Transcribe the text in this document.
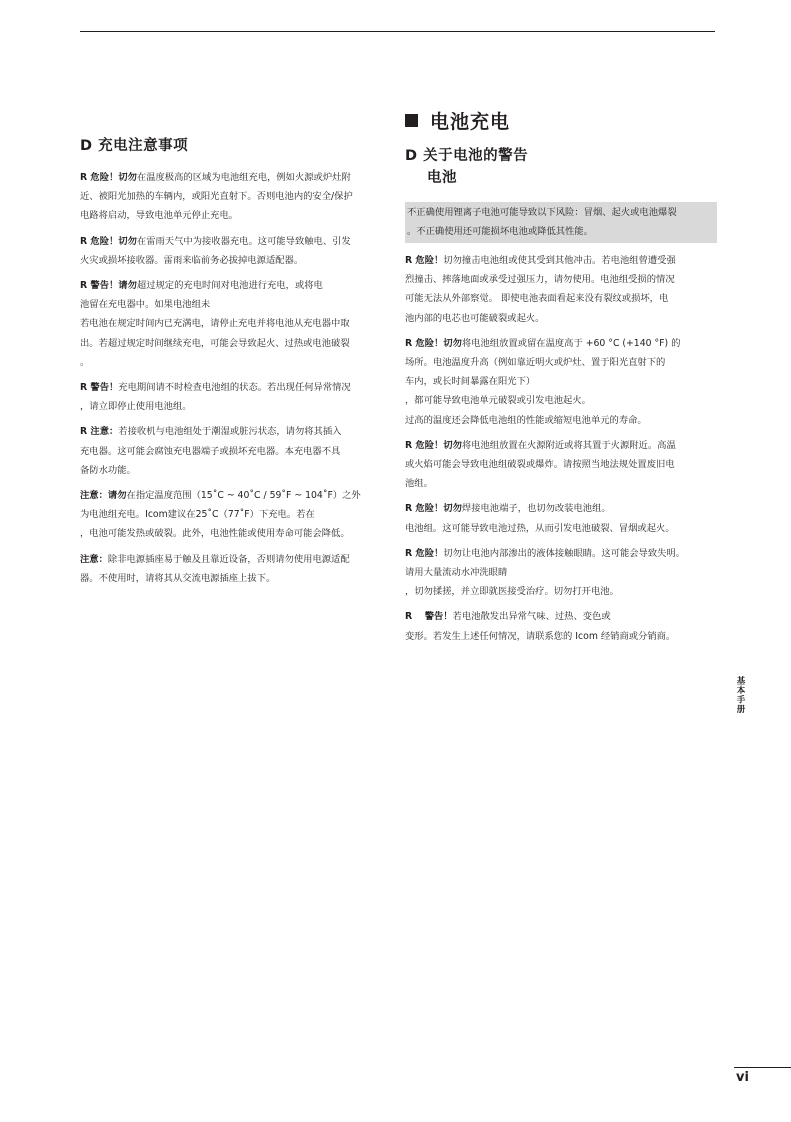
D 充电注意事项
R 危险！切勿在温度极高的区域为电池组充电，例如火源或炉灶附
近、被阳光加热的车辆内，或阳光直射下。否则电池内的安全/保护
电路将启动，导致电池单元停止充电。
R 危险！切勿在雷雨天气中为接收器充电。这可能导致触电、引发
火灾或损坏接收器。雷雨来临前务必拔掉电源适配器。
R 警告！请勿超过规定的充电时间对电池进行充电，或将电
池留在充电器中。如果电池组未
若电池在规定时间内已充满电，请停止充电并将电池从充电器中取
出。若超过规定时间继续充电，可能会导致起火、过热或电池破裂
。
R 警告！充电期间请不时检查电池组的状态。若出现任何异常情况
，请立即停止使用电池组。
R 注意：若接收机与电池组处于潮湿或脏污状态，请勿将其插入
充电器。这可能会腐蚀充电器端子或损坏充电器。本充电器不具
备防水功能。
注意：请勿在指定温度范围（15˚C ~ 40˚C / 59˚F ~ 104˚F）之外
为电池组充电。Icom建议在25˚C（77˚F）下充电。若在
，电池可能发热或破裂。此外，电池性能或使用寿命可能会降低。
注意：除非电源插座易于触及且靠近设备，否则请勿使用电源适配
器。不使用时，请将其从交流电源插座上拔下。
电池充电
D 关于电池的警告
电池
不正确使用锂离子电池可能导致以下风险：冒烟、起火或电池爆裂
。不正确使用还可能损坏电池或降低其性能。
R 危险！切勿撞击电池组或使其受到其他冲击。若电池组曾遭受强
烈撞击、摔落地面或承受过强压力，请勿使用。电池组受损的情况
可能无法从外部察觉。 即使电池表面看起来没有裂纹或损坏，电
池内部的电芯也可能破裂或起火。
R 危险！切勿将电池组放置或留在温度高于 +60 °C (+140 °F) 的
场所。电池温度升高（例如靠近明火或炉灶、置于阳光直射下的
车内，或长时间暴露在阳光下）
，都可能导致电池单元破裂或引发电池起火。
过高的温度还会降低电池组的性能或缩短电池单元的寿命。
R 危险！切勿将电池组放置在火源附近或将其置于火源附近。高温
或火焰可能会导致电池组破裂或爆炸。请按照当地法规处置废旧电
池组。
R 危险！切勿焊接电池端子，也切勿改装电池组。
电池组。这可能导致电池过热，从而引发电池破裂、冒烟或起火。
R 危险！切勿让电池内部渗出的液体接触眼睛。这可能会导致失明。
请用大量流动水冲洗眼睛
，切勿揉搓，并立即就医接受治疗。切勿打开电池。
R 　警告！若电池散发出异常气味、过热、变色或
变形。若发生上述任何情况，请联系您的 Icom 经销商或分销商。
基本手册
vi
